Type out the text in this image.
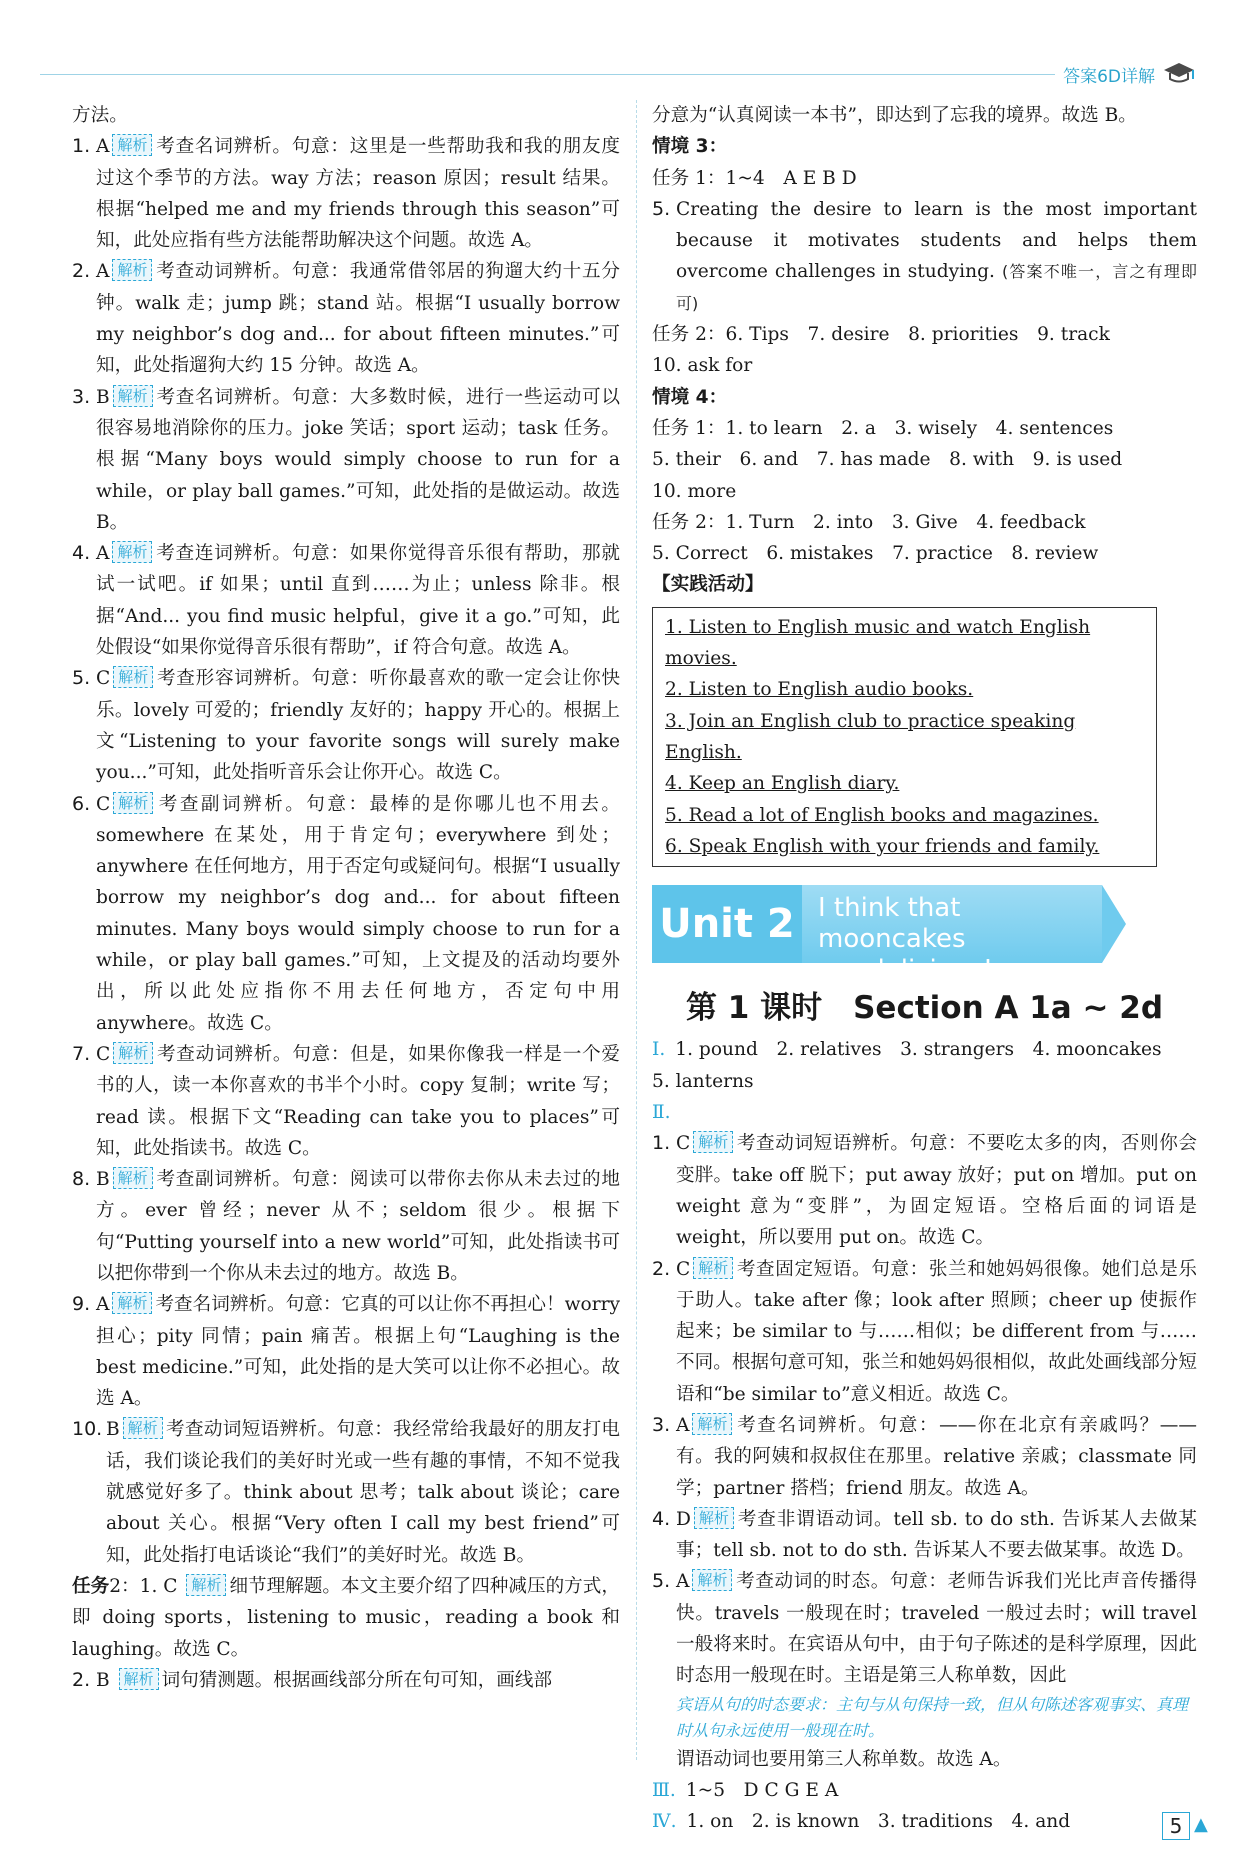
答案6D详解

方法。

1. A 解析 考查名词辨析。句意：这里是一些帮助我和我的朋友度过这个季节的方法。way 方法；reason 原因；result 结果。根据“helped me and my friends through this season”可知，此处应指有些方法能帮助解决这个问题。故选 A。
2. A 解析 考查动词辨析。句意：我通常借邻居的狗遛大约十五分钟。walk 走；jump 跳；stand 站。根据“I usually borrow my neighbor’s dog and... for about fifteen minutes.”可知，此处指遛狗大约 15 分钟。故选 A。
3. B 解析 考查名词辨析。句意：大多数时候，进行一些运动可以很容易地消除你的压力。joke 笑话；sport 运动；task 任务。根据“Many boys would simply choose to run for a while，or play ball games.”可知，此处指的是做运动。故选 B。
4. A 解析 考查连词辨析。句意：如果你觉得音乐很有帮助，那就试一试吧。if 如果；until 直到……为止；unless 除非。根据“And... you find music helpful，give it a go.”可知，此处假设“如果你觉得音乐很有帮助”，if 符合句意。故选 A。
5. C 解析 考查形容词辨析。句意：听你最喜欢的歌一定会让你快乐。lovely 可爱的；friendly 友好的；happy 开心的。根据上文“Listening to your favorite songs will surely make you...”可知，此处指听音乐会让你开心。故选 C。
6. C 解析 考查副词辨析。句意：最棒的是你哪儿也不用去。somewhere 在某处，用于肯定句；everywhere 到处；anywhere 在任何地方，用于否定句或疑问句。根据“I usually borrow my neighbor’s dog and... for about fifteen minutes. Many boys would simply choose to run for a while，or play ball games.”可知，上文提及的活动均要外出，所以此处应指你不用去任何地方，否定句中用 anywhere。故选 C。
7. C 解析 考查动词辨析。句意：但是，如果你像我一样是一个爱书的人，读一本你喜欢的书半个小时。copy 复制；write 写；read 读。根据下文“Reading can take you to places”可知，此处指读书。故选 C。
8. B 解析 考查副词辨析。句意：阅读可以带你去你从未去过的地方。ever 曾经；never 从不；seldom 很少。根据下句“Putting yourself into a new world”可知，此处指读书可以把你带到一个你从未去过的地方。故选 B。
9. A 解析 考查名词辨析。句意：它真的可以让你不再担心！worry 担心；pity 同情；pain 痛苦。根据上句“Laughing is the best medicine.”可知，此处指的是大笑可以让你不必担心。故选 A。
10. B 解析 考查动词短语辨析。句意：我经常给我最好的朋友打电话，我们谈论我们的美好时光或一些有趣的事情，不知不觉我就感觉好多了。think about 思考；talk about 谈论；care about 关心。根据“Very often I call my best friend”可知，此处指打电话谈论“我们”的美好时光。故选 B。
任务2：1. C 解析 细节理解题。本文主要介绍了四种减压的方式，即 doing sports，listening to music，reading a book 和 laughing。故选 C。
2. B 解析 词句猜测题。根据画线部分所在句可知，画线部

分意为“认真阅读一本书”，即达到了忘我的境界。故选 B。

情境 3：
任务 1：1~4　A E B D
5. Creating the desire to learn is the most important because it motivates students and helps them overcome challenges in studying. (答案不唯一，言之有理即可)
任务 2：6. Tips　7. desire　8. priorities　9. track
10. ask for
情境 4：
任务 1：1. to learn　2. a　3. wisely　4. sentences
5. their　6. and　7. has made　8. with　9. is used
10. more
任务 2：1. Turn　2. into　3. Give　4. feedback
5. Correct　6. mistakes　7. practice　8. review
【实践活动】
1. Listen to English music and watch English movies.
2. Listen to English audio books.
3. Join an English club to practice speaking English.
4. Keep an English diary.
5. Read a lot of English books and magazines.
6. Speak English with your friends and family.
Unit 2 I think that mooncakes
are delicious!
第 1 课时　Section A 1a ~ 2d
Ⅰ. 1. pound　2. relatives　3. strangers　4. mooncakes
5. lanterns
Ⅱ.
1. C 解析 考查动词短语辨析。句意：不要吃太多的肉，否则你会变胖。take off 脱下；put away 放好；put on 增加。put on weight 意为“变胖”，为固定短语。空格后面的词语是 weight，所以要用 put on。故选 C。
2. C 解析 考查固定短语。句意：张兰和她妈妈很像。她们总是乐于助人。take after 像；look after 照顾；cheer up 使振作起来；be similar to 与……相似；be different from 与……不同。根据句意可知，张兰和她妈妈很相似，故此处画线部分短语和“be similar to”意义相近。故选 C。
3. A 解析 考查名词辨析。句意：——你在北京有亲戚吗？——有。我的阿姨和叔叔住在那里。relative 亲戚；classmate 同学；partner 搭档；friend 朋友。故选 A。
4. D 解析 考查非谓语动词。tell sb. to do sth. 告诉某人去做某事；tell sb. not to do sth. 告诉某人不要去做某事。故选 D。
5. A 解析 考查动词的时态。句意：老师告诉我们光比声音传播得快。travels 一般现在时；traveled 一般过去时；will travel 一般将来时。在宾语从句中，由于句子陈述的是科学原理，因此时态用一般现在时。主语是第三人称单数，因此
宾语从句的时态要求：主句与从句保持一致，但从句陈述客观事实、真理时从句永远使用一般现在时。
谓语动词也要用第三人称单数。故选 A。
Ⅲ. 1~5　D C G E A
Ⅳ. 1. on　2. is known　3. traditions　4. and	5 ▲
